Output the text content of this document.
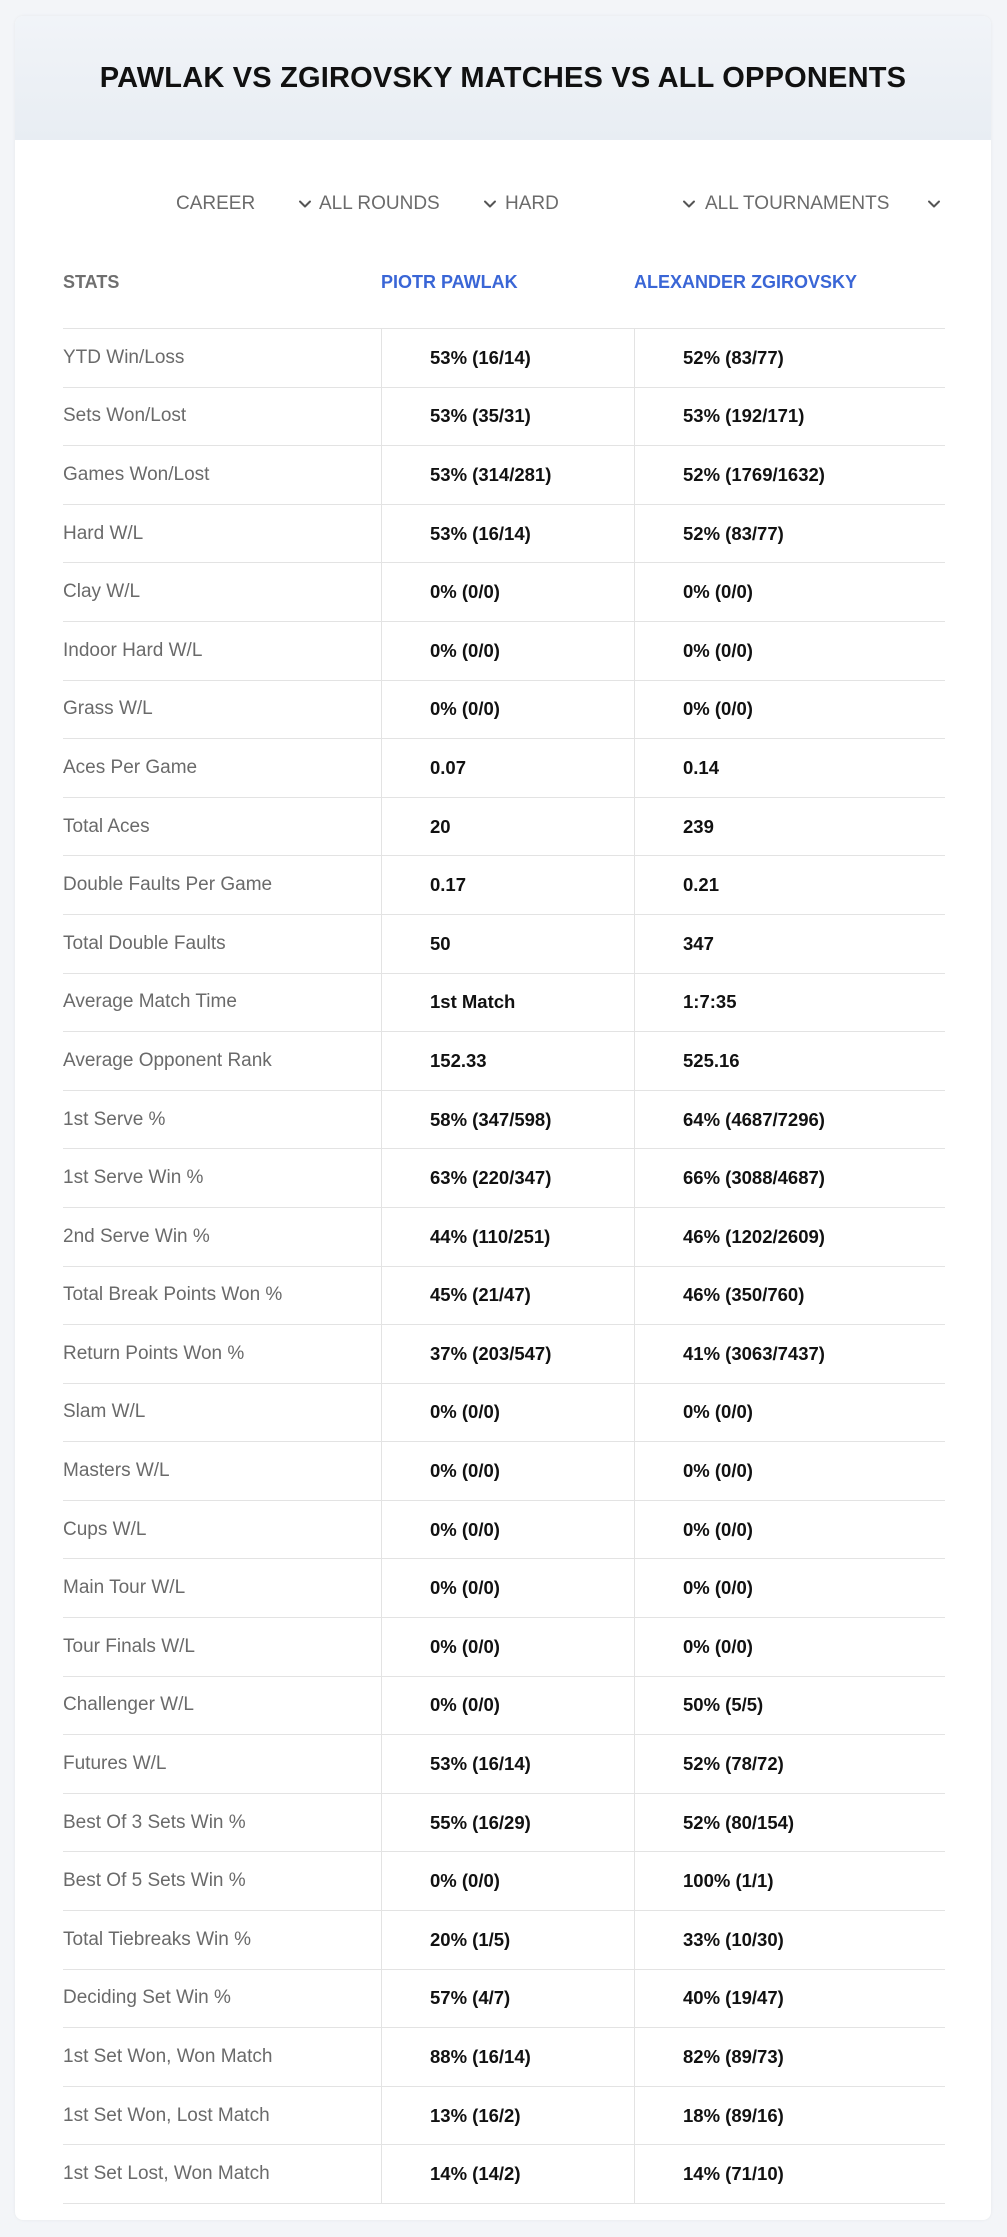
PAWLAK VS ZGIROVSKY MATCHES VS ALL OPPONENTS
CAREER	ALL ROUNDS	HARD	ALL TOURNAMENTS
STATS	PIOTR PAWLAK	ALEXANDER ZGIROVSKY
YTD Win/Loss	53% (16/14)	52% (83/77)
Sets Won/Lost	53% (35/31)	53% (192/171)
Games Won/Lost	53% (314/281)	52% (1769/1632)
Hard W/L	53% (16/14)	52% (83/77)
Clay W/L	0% (0/0)	0% (0/0)
Indoor Hard W/L	0% (0/0)	0% (0/0)
Grass W/L	0% (0/0)	0% (0/0)
Aces Per Game	0.07	0.14
Total Aces	20	239
Double Faults Per Game	0.17	0.21
Total Double Faults	50	347
Average Match Time	1st Match	1:7:35
Average Opponent Rank	152.33	525.16
1st Serve %	58% (347/598)	64% (4687/7296)
1st Serve Win %	63% (220/347)	66% (3088/4687)
2nd Serve Win %	44% (110/251)	46% (1202/2609)
Total Break Points Won %	45% (21/47)	46% (350/760)
Return Points Won %	37% (203/547)	41% (3063/7437)
Slam W/L	0% (0/0)	0% (0/0)
Masters W/L	0% (0/0)	0% (0/0)
Cups W/L	0% (0/0)	0% (0/0)
Main Tour W/L	0% (0/0)	0% (0/0)
Tour Finals W/L	0% (0/0)	0% (0/0)
Challenger W/L	0% (0/0)	50% (5/5)
Futures W/L	53% (16/14)	52% (78/72)
Best Of 3 Sets Win %	55% (16/29)	52% (80/154)
Best Of 5 Sets Win %	0% (0/0)	100% (1/1)
Total Tiebreaks Win %	20% (1/5)	33% (10/30)
Deciding Set Win %	57% (4/7)	40% (19/47)
1st Set Won, Won Match	88% (16/14)	82% (89/73)
1st Set Won, Lost Match	13% (16/2)	18% (89/16)
1st Set Lost, Won Match	14% (14/2)	14% (71/10)
